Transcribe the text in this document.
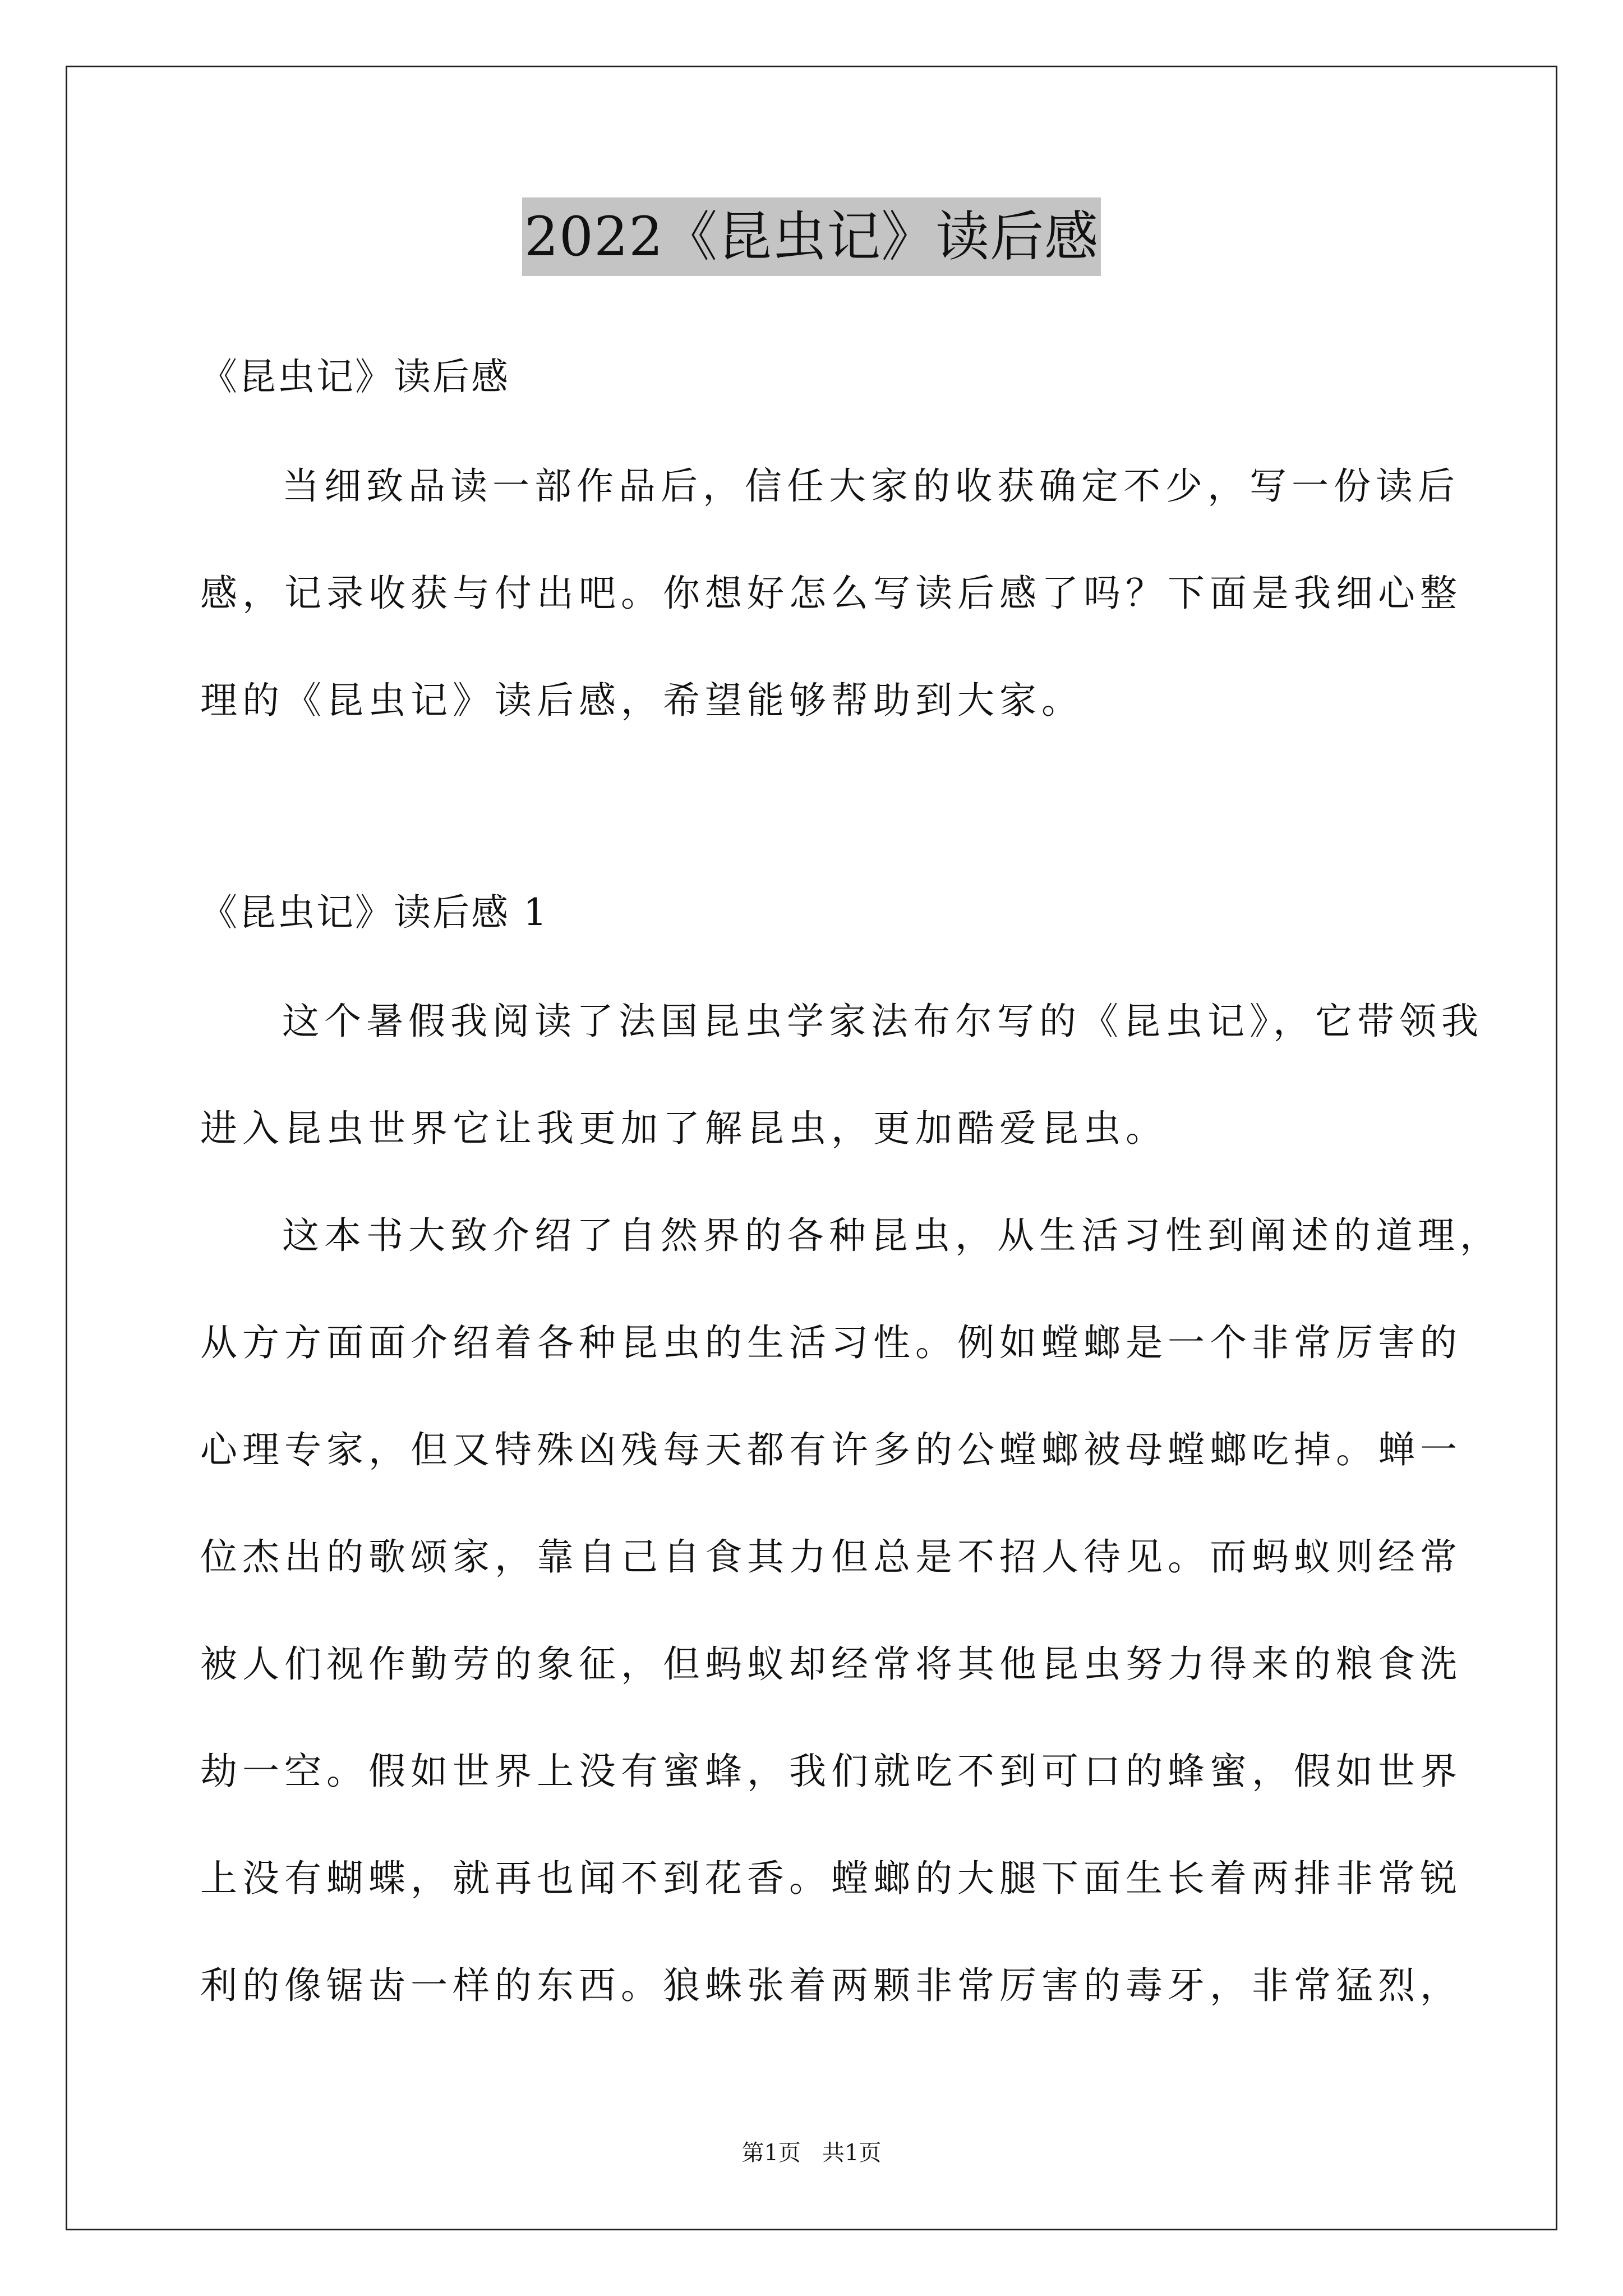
2022《昆虫记》读后感
《昆虫记》读后感
当细致品读一部作品后，信任大家的收获确定不少，写一份读后
感，记录收获与付出吧。你想好怎么写读后感了吗？下面是我细心整
理的《昆虫记》读后感，希望能够帮助到大家。
《昆虫记》读后感 1
这个暑假我阅读了法国昆虫学家法布尔写的《昆虫记》，它带领我
进入昆虫世界它让我更加了解昆虫，更加酷爱昆虫。
这本书大致介绍了自然界的各种昆虫，从生活习性到阐述的道理，
从方方面面介绍着各种昆虫的生活习性。例如螳螂是一个非常厉害的
心理专家，但又特殊凶残每天都有许多的公螳螂被母螳螂吃掉。蝉一
位杰出的歌颂家，靠自己自食其力但总是不招人待见。而蚂蚁则经常
被人们视作勤劳的象征，但蚂蚁却经常将其他昆虫努力得来的粮食洗
劫一空。假如世界上没有蜜蜂，我们就吃不到可口的蜂蜜，假如世界
上没有蝴蝶，就再也闻不到花香。螳螂的大腿下面生长着两排非常锐
利的像锯齿一样的东西。狼蛛张着两颗非常厉害的毒牙，非常猛烈，
第1页   共1页
